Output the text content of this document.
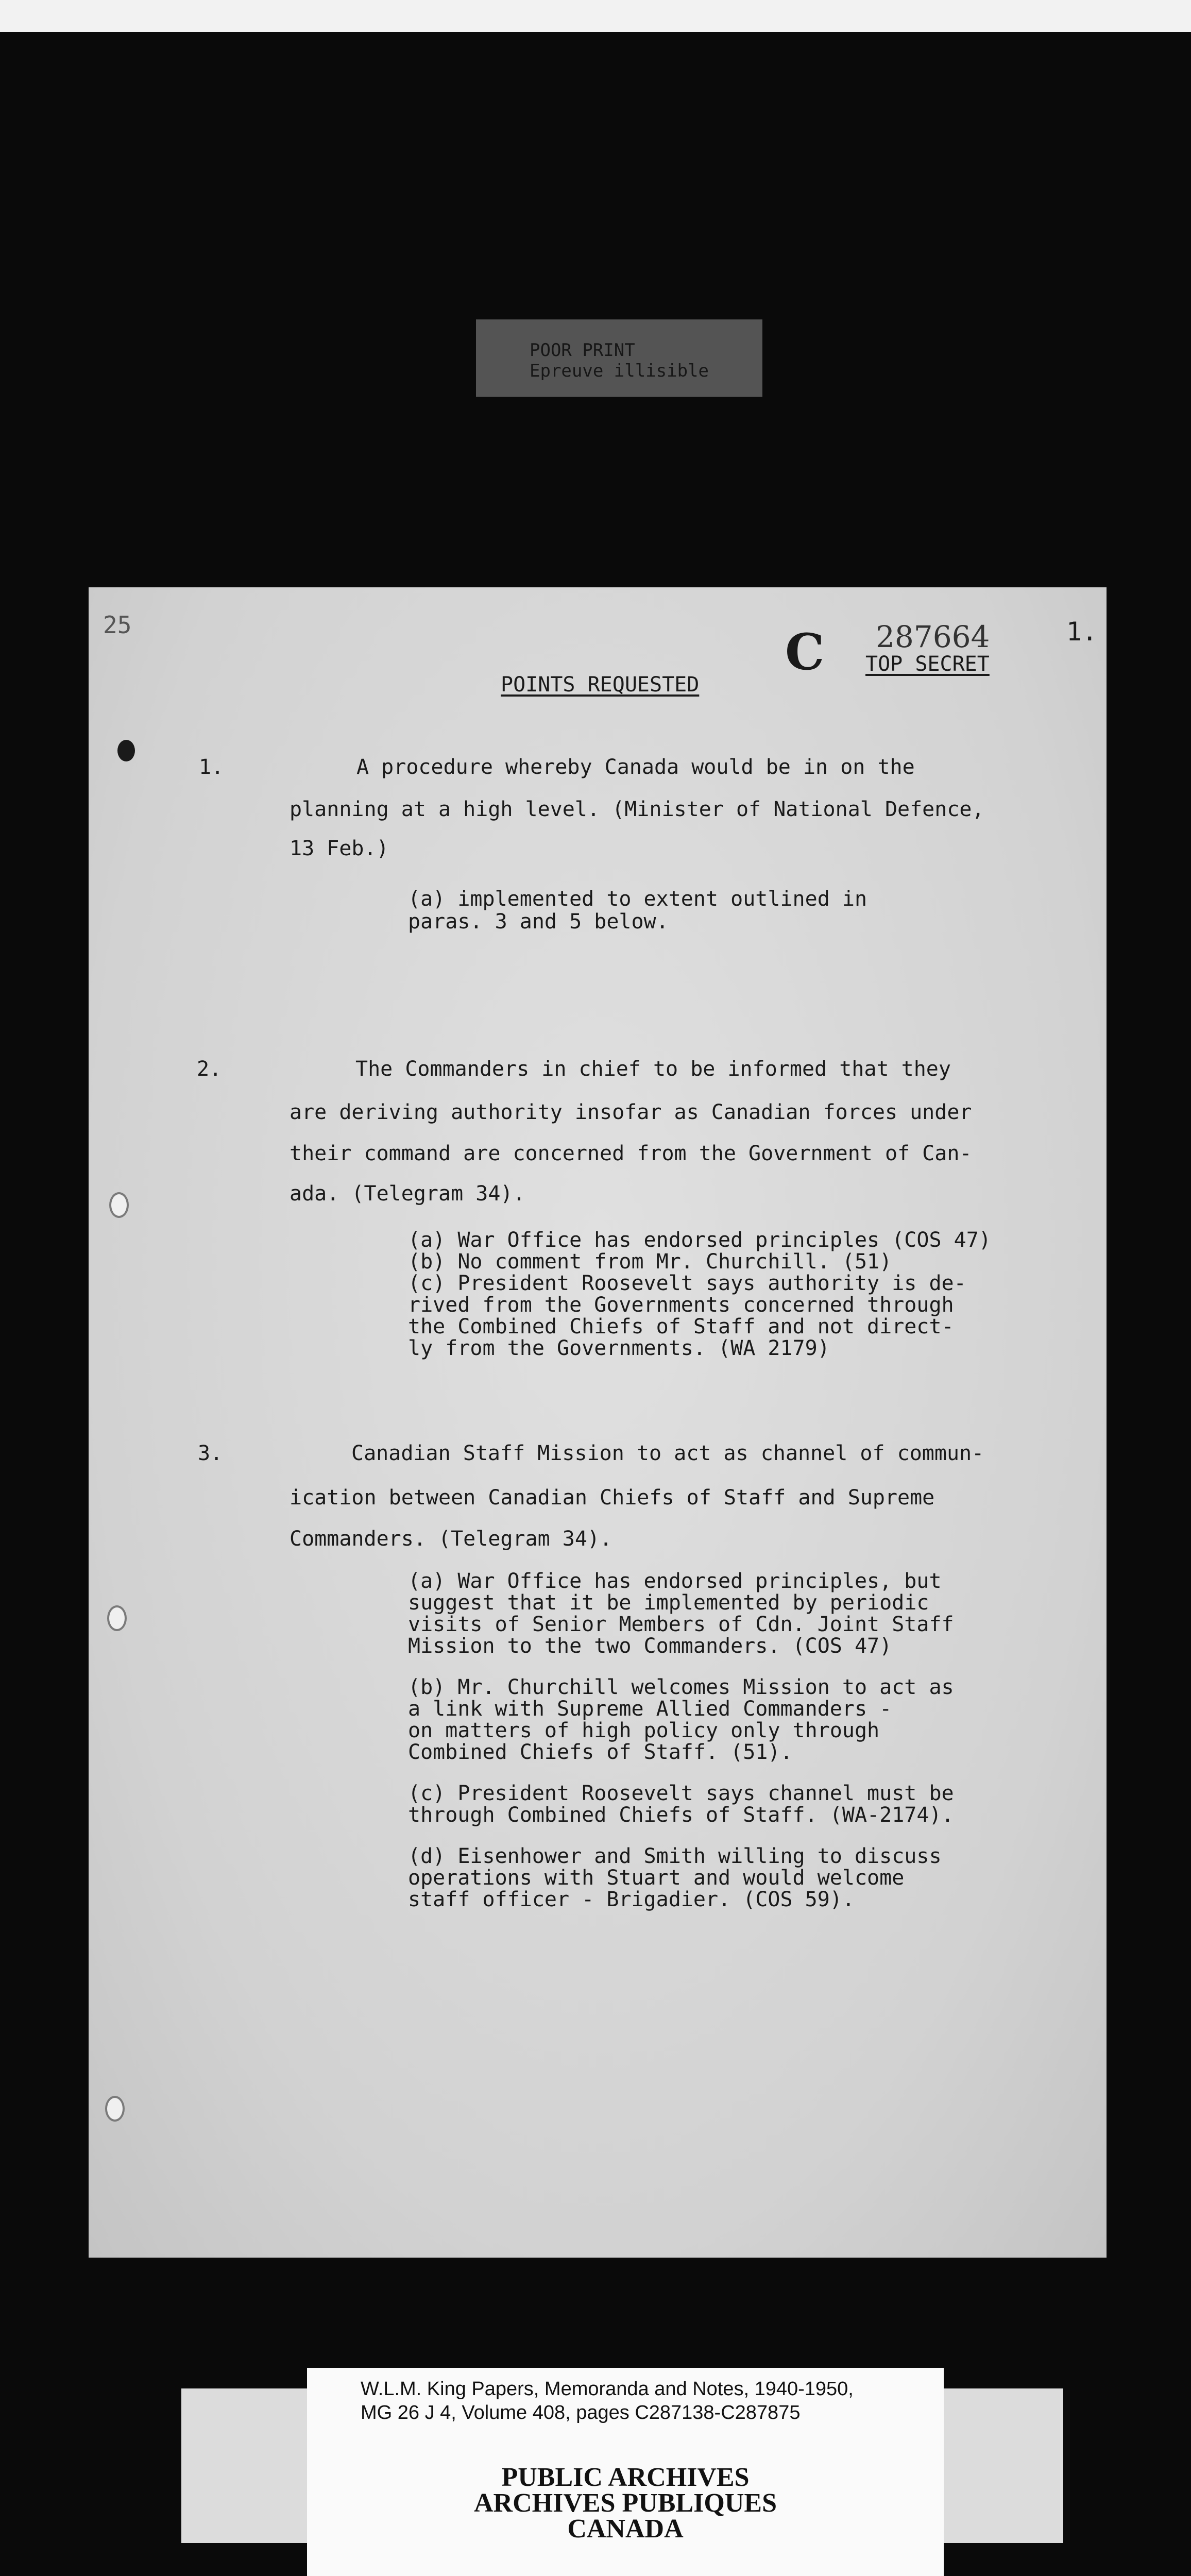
POOR PRINT
Epreuve illisible
25	C 287664	1.
TOP SECRET
POINTS REQUESTED
1.	A procedure whereby Canada would be in on the
planning at a high level. (Minister of National Defence,
13 Feb.)
(a) implemented to extent outlined in
paras. 3 and 5 below.
2.	The Commanders in chief to be informed that they
are deriving authority insofar as Canadian forces under
their command are concerned from the Government of Can-
ada. (Telegram 34).
(a) War Office has endorsed principles (COS 47)
(b) No comment from Mr. Churchill. (51)
(c) President Roosevelt says authority is de-
rived from the Governments concerned through
the Combined Chiefs of Staff and not direct-
ly from the Governments. (WA 2179)
3.	Canadian Staff Mission to act as channel of commun-
ication between Canadian Chiefs of Staff and Supreme
Commanders. (Telegram 34).
(a) War Office has endorsed principles, but
suggest that it be implemented by periodic
visits of Senior Members of Cdn. Joint Staff
Mission to the two Commanders. (COS 47)
(b) Mr. Churchill welcomes Mission to act as
a link with Supreme Allied Commanders -
on matters of high policy only through
Combined Chiefs of Staff. (51).
(c) President Roosevelt says channel must be
through Combined Chiefs of Staff. (WA-2174).
(d) Eisenhower and Smith willing to discuss
operations with Stuart and would welcome
staff officer - Brigadier. (COS 59).
W.L.M. King Papers, Memoranda and Notes, 1940-1950,
MG 26 J 4, Volume 408, pages C287138-C287875
PUBLIC ARCHIVES
ARCHIVES PUBLIQUES
CANADA
